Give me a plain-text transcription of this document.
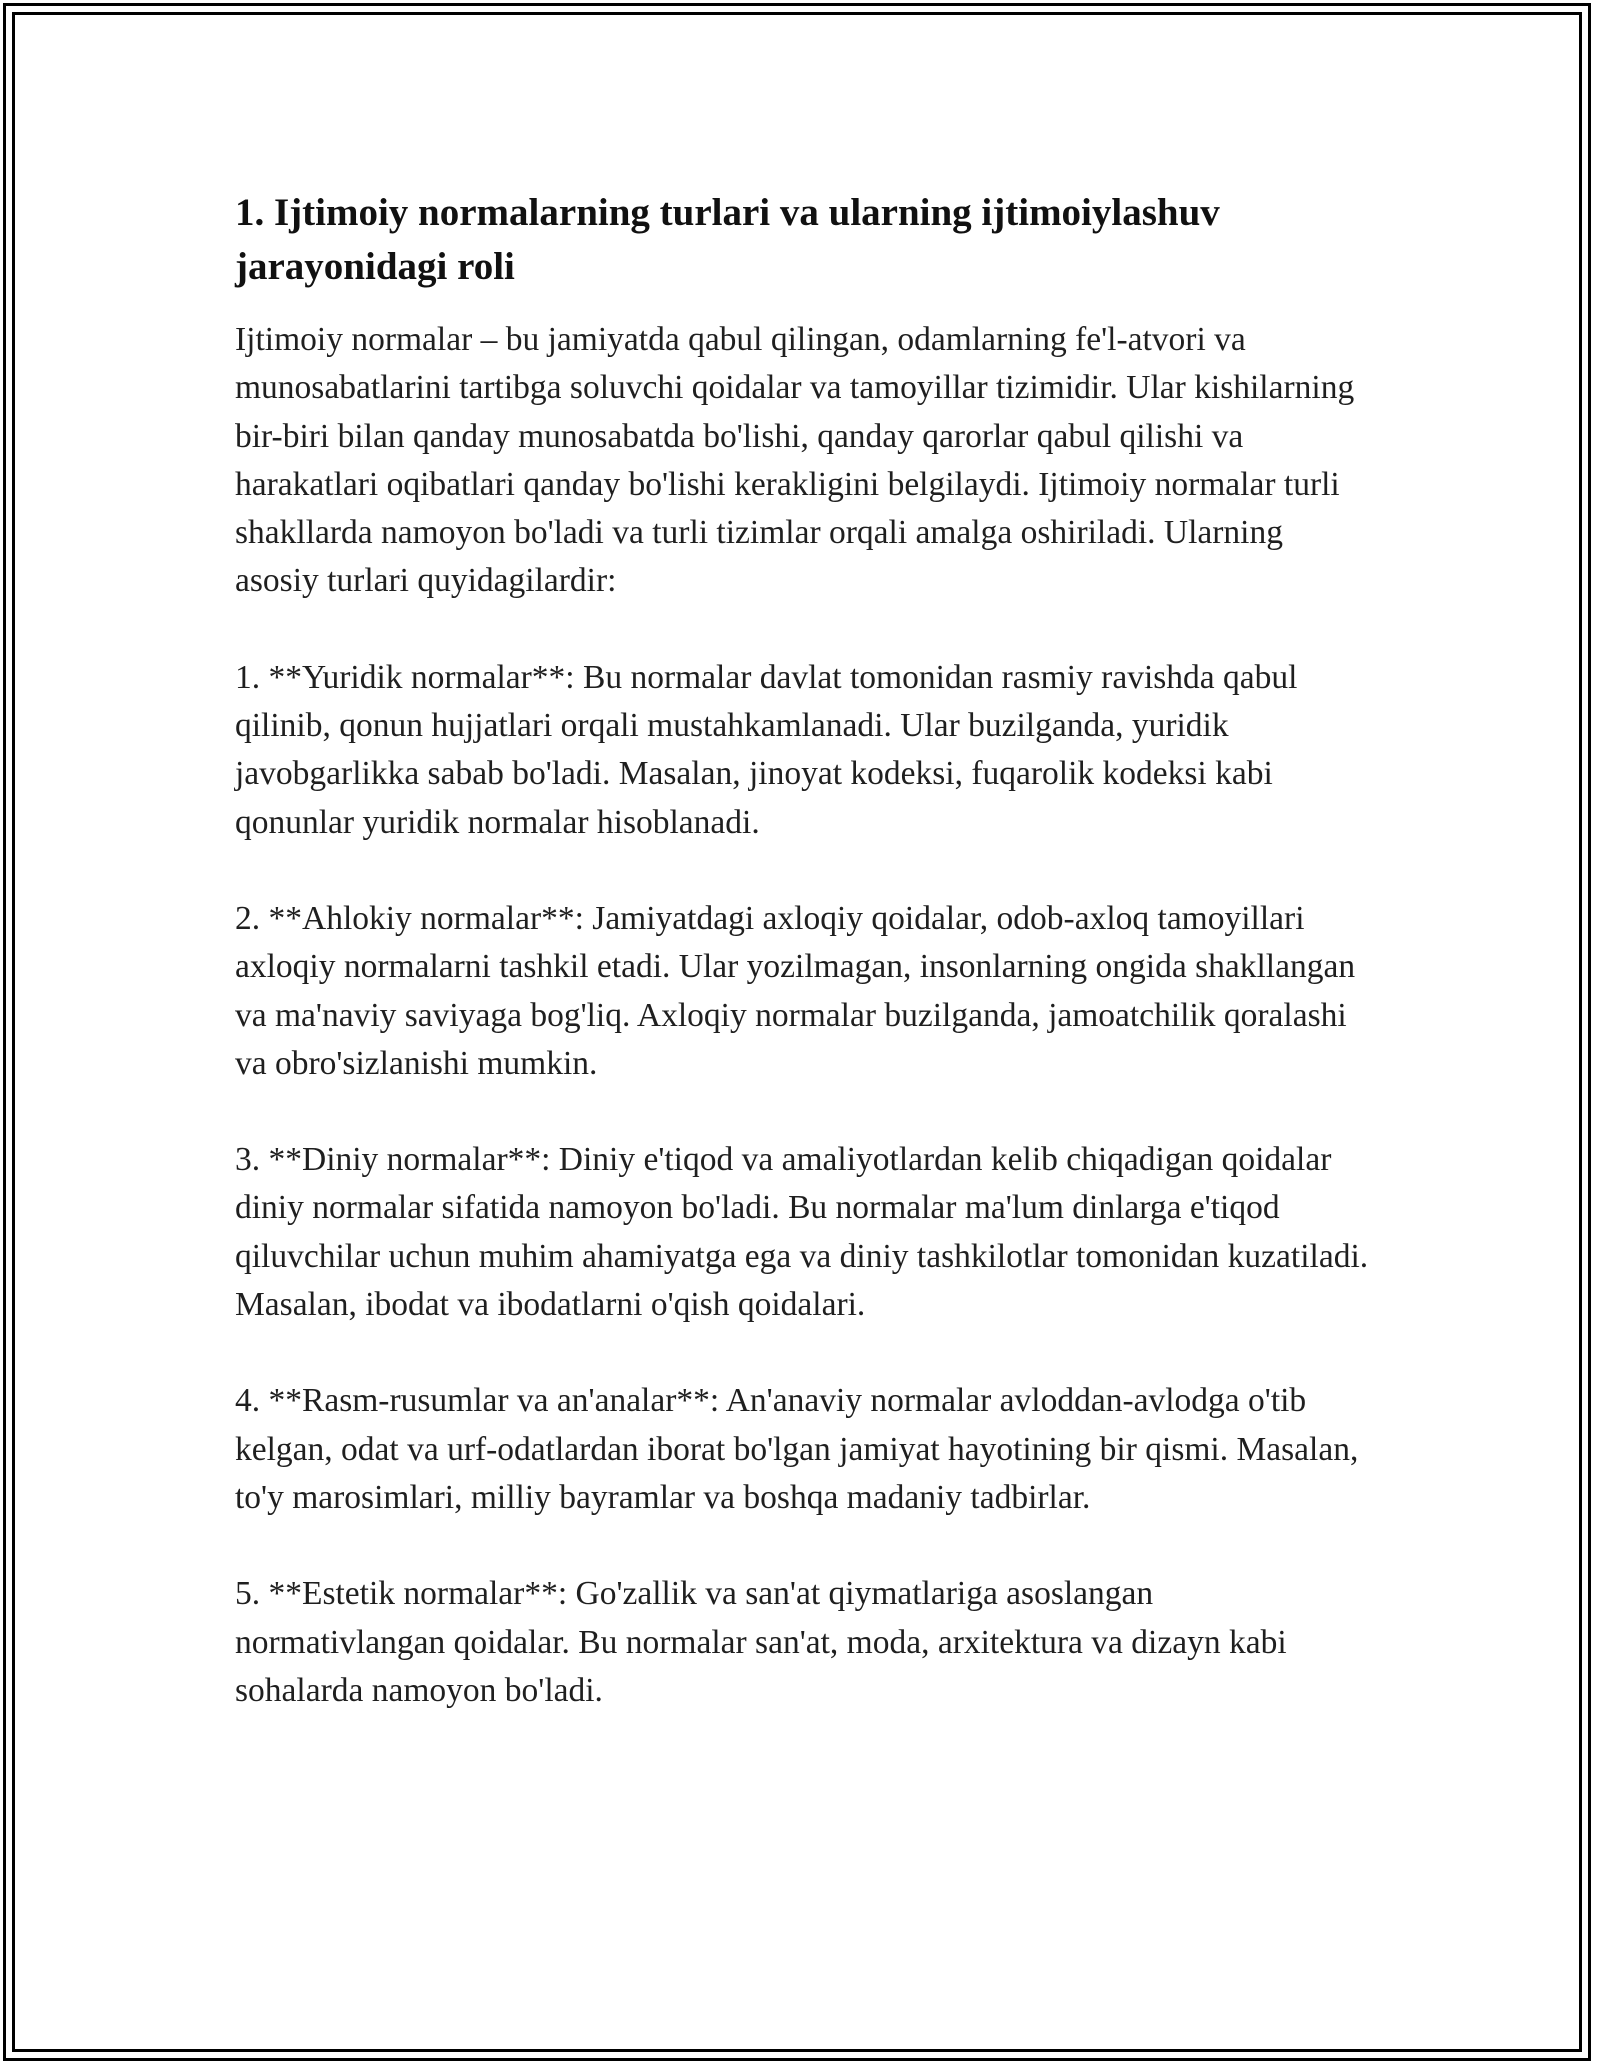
1. Ijtimoiy normalarning turlari va ularning ijtimoiylashuv jarayonidagi roli

Ijtimoiy normalar – bu jamiyatda qabul qilingan, odamlarning fe'l-atvori va munosabatlarini tartibga soluvchi qoidalar va tamoyillar tizimidir. Ular kishilarning bir-biri bilan qanday munosabatda bo'lishi, qanday qarorlar qabul qilishi va harakatlari oqibatlari qanday bo'lishi kerakligini belgilaydi. Ijtimoiy normalar turli shakllarda namoyon bo'ladi va turli tizimlar orqali amalga oshiriladi. Ularning asosiy turlari quyidagilardir:

1. **Yuridik normalar**: Bu normalar davlat tomonidan rasmiy ravishda qabul qilinib, qonun hujjatlari orqali mustahkamlanadi. Ular buzilganda, yuridik javobgarlikka sabab bo'ladi. Masalan, jinoyat kodeksi, fuqarolik kodeksi kabi qonunlar yuridik normalar hisoblanadi.

2. **Ahlokiy normalar**: Jamiyatdagi axloqiy qoidalar, odob-axloq tamoyillari axloqiy normalarni tashkil etadi. Ular yozilmagan, insonlarning ongida shakllangan va ma'naviy saviyaga bog'liq. Axloqiy normalar buzilganda, jamoatchilik qoralashi va obro'sizlanishi mumkin.

3. **Diniy normalar**: Diniy e'tiqod va amaliyotlardan kelib chiqadigan qoidalar diniy normalar sifatida namoyon bo'ladi. Bu normalar ma'lum dinlarga e'tiqod qiluvchilar uchun muhim ahamiyatga ega va diniy tashkilotlar tomonidan kuzatiladi. Masalan, ibodat va ibodatlarni o'qish qoidalari.

4. **Rasm-rusumlar va an'analar**: An'anaviy normalar avloddan-avlodga o'tib kelgan, odat va urf-odatlardan iborat bo'lgan jamiyat hayotining bir qismi. Masalan, to'y marosimlari, milliy bayramlar va boshqa madaniy tadbirlar.

5. **Estetik normalar**: Go'zallik va san'at qiymatlariga asoslangan normativlangan qoidalar. Bu normalar san'at, moda, arxitektura va dizayn kabi sohalarda namoyon bo'ladi.
